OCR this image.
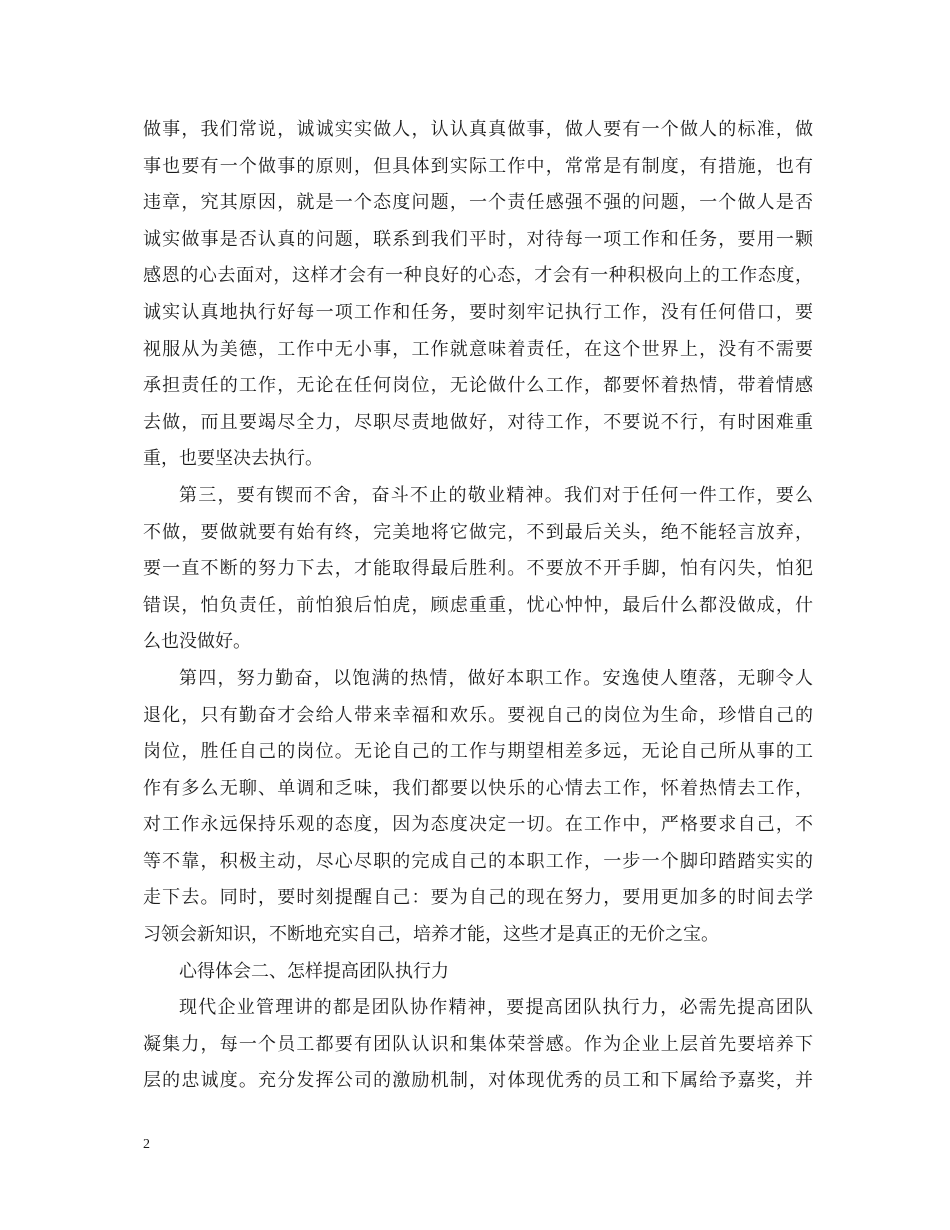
做事，我们常说，诚诚实实做人，认认真真做事，做人要有一个做人的标准，做
事也要有一个做事的原则，但具体到实际工作中，常常是有制度，有措施，也有
违章，究其原因，就是一个态度问题，一个责任感强不强的问题，一个做人是否
诚实做事是否认真的问题，联系到我们平时，对待每一项工作和任务，要用一颗
感恩的心去面对，这样才会有一种良好的心态，才会有一种积极向上的工作态度，
诚实认真地执行好每一项工作和任务，要时刻牢记执行工作，没有任何借口，要
视服从为美德，工作中无小事，工作就意味着责任，在这个世界上，没有不需要
承担责任的工作，无论在任何岗位，无论做什么工作，都要怀着热情，带着情感
去做，而且要竭尽全力，尽职尽责地做好，对待工作，不要说不行，有时困难重
重，也要坚决去执行。
第三，要有锲而不舍，奋斗不止的敬业精神。我们对于任何一件工作，要么
不做，要做就要有始有终，完美地将它做完，不到最后关头，绝不能轻言放弃，
要一直不断的努力下去，才能取得最后胜利。不要放不开手脚，怕有闪失，怕犯
错误，怕负责任，前怕狼后怕虎，顾虑重重，忧心忡忡，最后什么都没做成，什
么也没做好。
第四，努力勤奋，以饱满的热情，做好本职工作。安逸使人堕落，无聊令人
退化，只有勤奋才会给人带来幸福和欢乐。要视自己的岗位为生命，珍惜自己的
岗位，胜任自己的岗位。无论自己的工作与期望相差多远，无论自己所从事的工
作有多么无聊、单调和乏味，我们都要以快乐的心情去工作，怀着热情去工作，
对工作永远保持乐观的态度，因为态度决定一切。在工作中，严格要求自己，不
等不靠，积极主动，尽心尽职的完成自己的本职工作，一步一个脚印踏踏实实的
走下去。同时，要时刻提醒自己：要为自己的现在努力，要用更加多的时间去学
习领会新知识，不断地充实自己，培养才能，这些才是真正的无价之宝。
心得体会二、怎样提高团队执行力
现代企业管理讲的都是团队协作精神，要提高团队执行力，必需先提高团队
凝集力，每一个员工都要有团队认识和集体荣誉感。作为企业上层首先要培养下
层的忠诚度。充分发挥公司的激励机制，对体现优秀的员工和下属给予嘉奖，并
2
